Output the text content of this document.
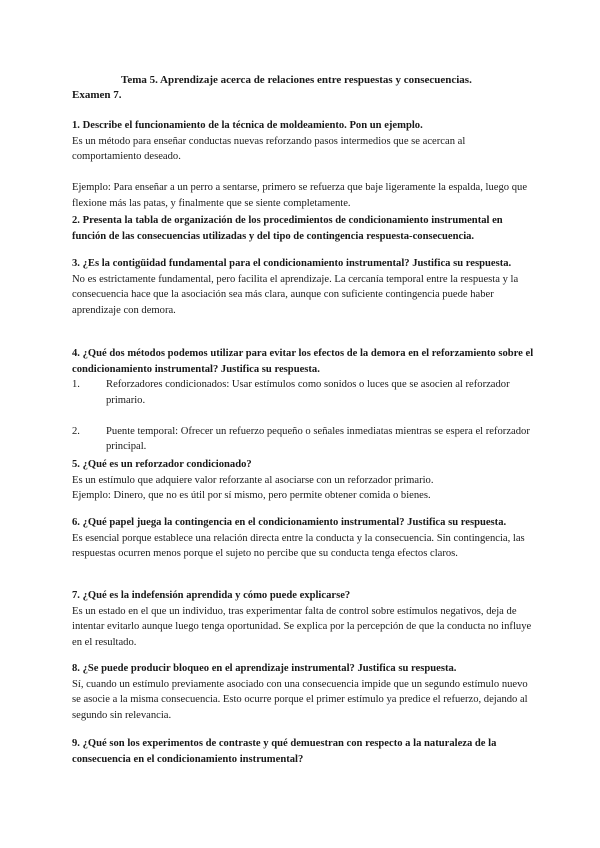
Tema 5. Aprendizaje acerca de relaciones entre respuestas y consecuencias.
Examen 7.

1. Describe el funcionamiento de la técnica de moldeamiento. Pon un ejemplo.

Es un método para enseñar conductas nuevas reforzando pasos intermedios que se acercan al comportamiento deseado.

Ejemplo: Para enseñar a un perro a sentarse, primero se refuerza que baje ligeramente la espalda, luego que flexione más las patas, y finalmente que se siente completamente.

2. Presenta la tabla de organización de los procedimientos de condicionamiento instrumental en función de las consecuencias utilizadas y del tipo de contingencia respuesta-consecuencia.

3. ¿Es la contigüidad fundamental para el condicionamiento instrumental? Justifica su respuesta.

No es estrictamente fundamental, pero facilita el aprendizaje. La cercanía temporal entre la respuesta y la consecuencia hace que la asociación sea más clara, aunque con suficiente contingencia puede haber aprendizaje con demora.

4. ¿Qué dos métodos podemos utilizar para evitar los efectos de la demora en el reforzamiento sobre el condicionamiento instrumental? Justifica su respuesta.

1.	Reforzadores condicionados: Usar estímulos como sonidos o luces que se asocien al reforzador primario.
2.	Puente temporal: Ofrecer un refuerzo pequeño o señales inmediatas mientras se espera el reforzador principal.

5. ¿Qué es un reforzador condicionado?

Es un estímulo que adquiere valor reforzante al asociarse con un reforzador primario.

Ejemplo: Dinero, que no es útil por sí mismo, pero permite obtener comida o bienes.

6. ¿Qué papel juega la contingencia en el condicionamiento instrumental? Justifica su respuesta.

Es esencial porque establece una relación directa entre la conducta y la consecuencia. Sin contingencia, las respuestas ocurren menos porque el sujeto no percibe que su conducta tenga efectos claros.

7. ¿Qué es la indefensión aprendida y cómo puede explicarse?

Es un estado en el que un individuo, tras experimentar falta de control sobre estímulos negativos, deja de intentar evitarlo aunque luego tenga oportunidad. Se explica por la percepción de que la conducta no influye en el resultado.

8. ¿Se puede producir bloqueo en el aprendizaje instrumental? Justifica su respuesta.

Sí, cuando un estímulo previamente asociado con una consecuencia impide que un segundo estímulo nuevo se asocie a la misma consecuencia. Esto ocurre porque el primer estímulo ya predice el refuerzo, dejando al segundo sin relevancia.

9. ¿Qué son los experimentos de contraste y qué demuestran con respecto a la naturaleza de la consecuencia en el condicionamiento instrumental?
